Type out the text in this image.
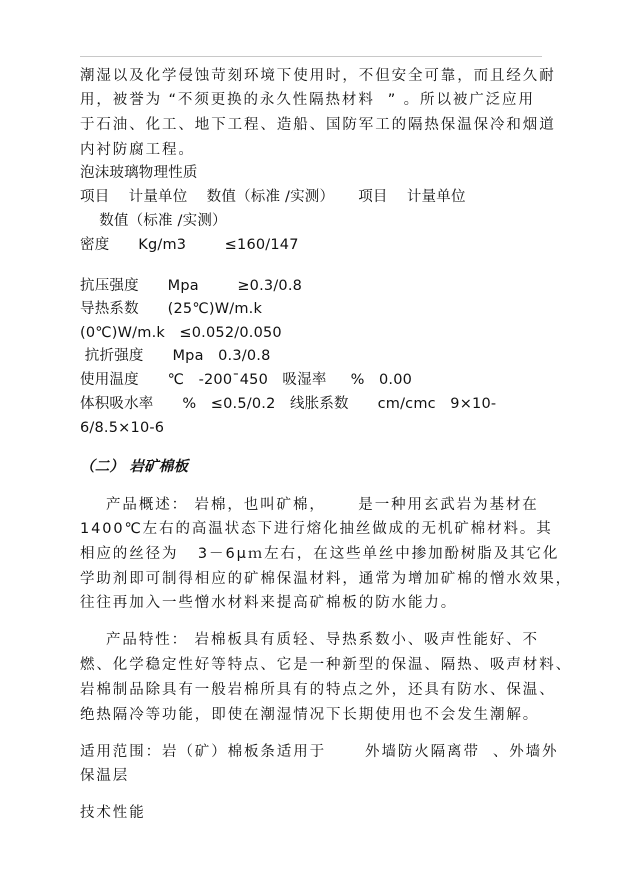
潮湿以及化学侵蚀苛刻环境下使用时，不但安全可靠，而且经久耐
用，被誉为 “不须更换的永久性隔热材料  ” 。所以被广泛应用
于石油、化工、地下工程、造船、国防军工的隔热保温保冷和烟道
内衬防腐工程。
泡沫玻璃物理性质
项目    计量单位    数值（标准 /实测）     项目    计量单位
数值（标准 /实测）
密度      Kg/m3        ≤160/147
抗压强度      Mpa        ≥0.3/0.8
导热系数      (25℃)W/m.k
(0℃)W/m.k   ≤0.052/0.050
抗折强度      Mpa   0.3/0.8
使用温度      ℃   -200ˉ450   吸湿率     %   0.00
体积吸水率      %   ≤0.5/0.2   线胀系数      cm/cmc   9×10-
6/8.5×10-6
（二） 岩矿棉板
产品概述： 岩棉，也叫矿棉，     是一种用玄武岩为基材在
1400℃左右的高温状态下进行熔化抽丝做成的无机矿棉材料。其
相应的丝径为   3－6μｍ左右，在这些单丝中掺加酚树脂及其它化
学助剂即可制得相应的矿棉保温材料，通常为增加矿棉的憎水效果，
往往再加入一些憎水材料来提高矿棉板的防水能力。
产品特性： 岩棉板具有质轻、导热系数小、吸声性能好、不
燃、化学稳定性好等特点、它是一种新型的保温、隔热、吸声材料、
岩棉制品除具有一般岩棉所具有的特点之外，还具有防水、保温、
绝热隔冷等功能，即使在潮湿情况下长期使用也不会发生潮解。
适用范围：岩（矿）棉板条适用于      外墙防火隔离带  、外墙外
保温层
技术性能
